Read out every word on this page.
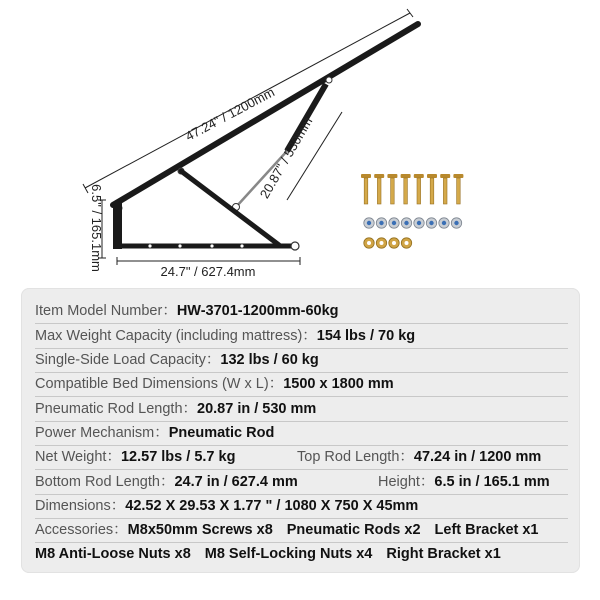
47.24" / 1200mm
20.87" / 530mm
6.5" / 165.1mm	24.7" / 627.4mm
Item Model Number：HW-3701-1200mm-60kg
Max Weight Capacity (including mattress)：154 lbs / 70 kg
Single-Side Load Capacity：132 lbs / 60 kg
Compatible Bed Dimensions (W x L)：1500 x 1800 mm
Pneumatic Rod Length：20.87 in / 530 mm
Power Mechanism：Pneumatic Rod
Net Weight：12.57 lbs / 5.7 kg	Top Rod Length：47.24 in / 1200 mm
Bottom Rod Length：24.7 in / 627.4 mm	Height：6.5 in / 165.1 mm
Dimensions：42.52 X 29.53 X 1.77 " / 1080 X 750 X 45mm
Accessories：M8x50mm Screws x8 Pneumatic Rods x2 Left Bracket x1
M8 Anti-Loose Nuts x8 M8 Self-Locking Nuts x4 Right Bracket x1
